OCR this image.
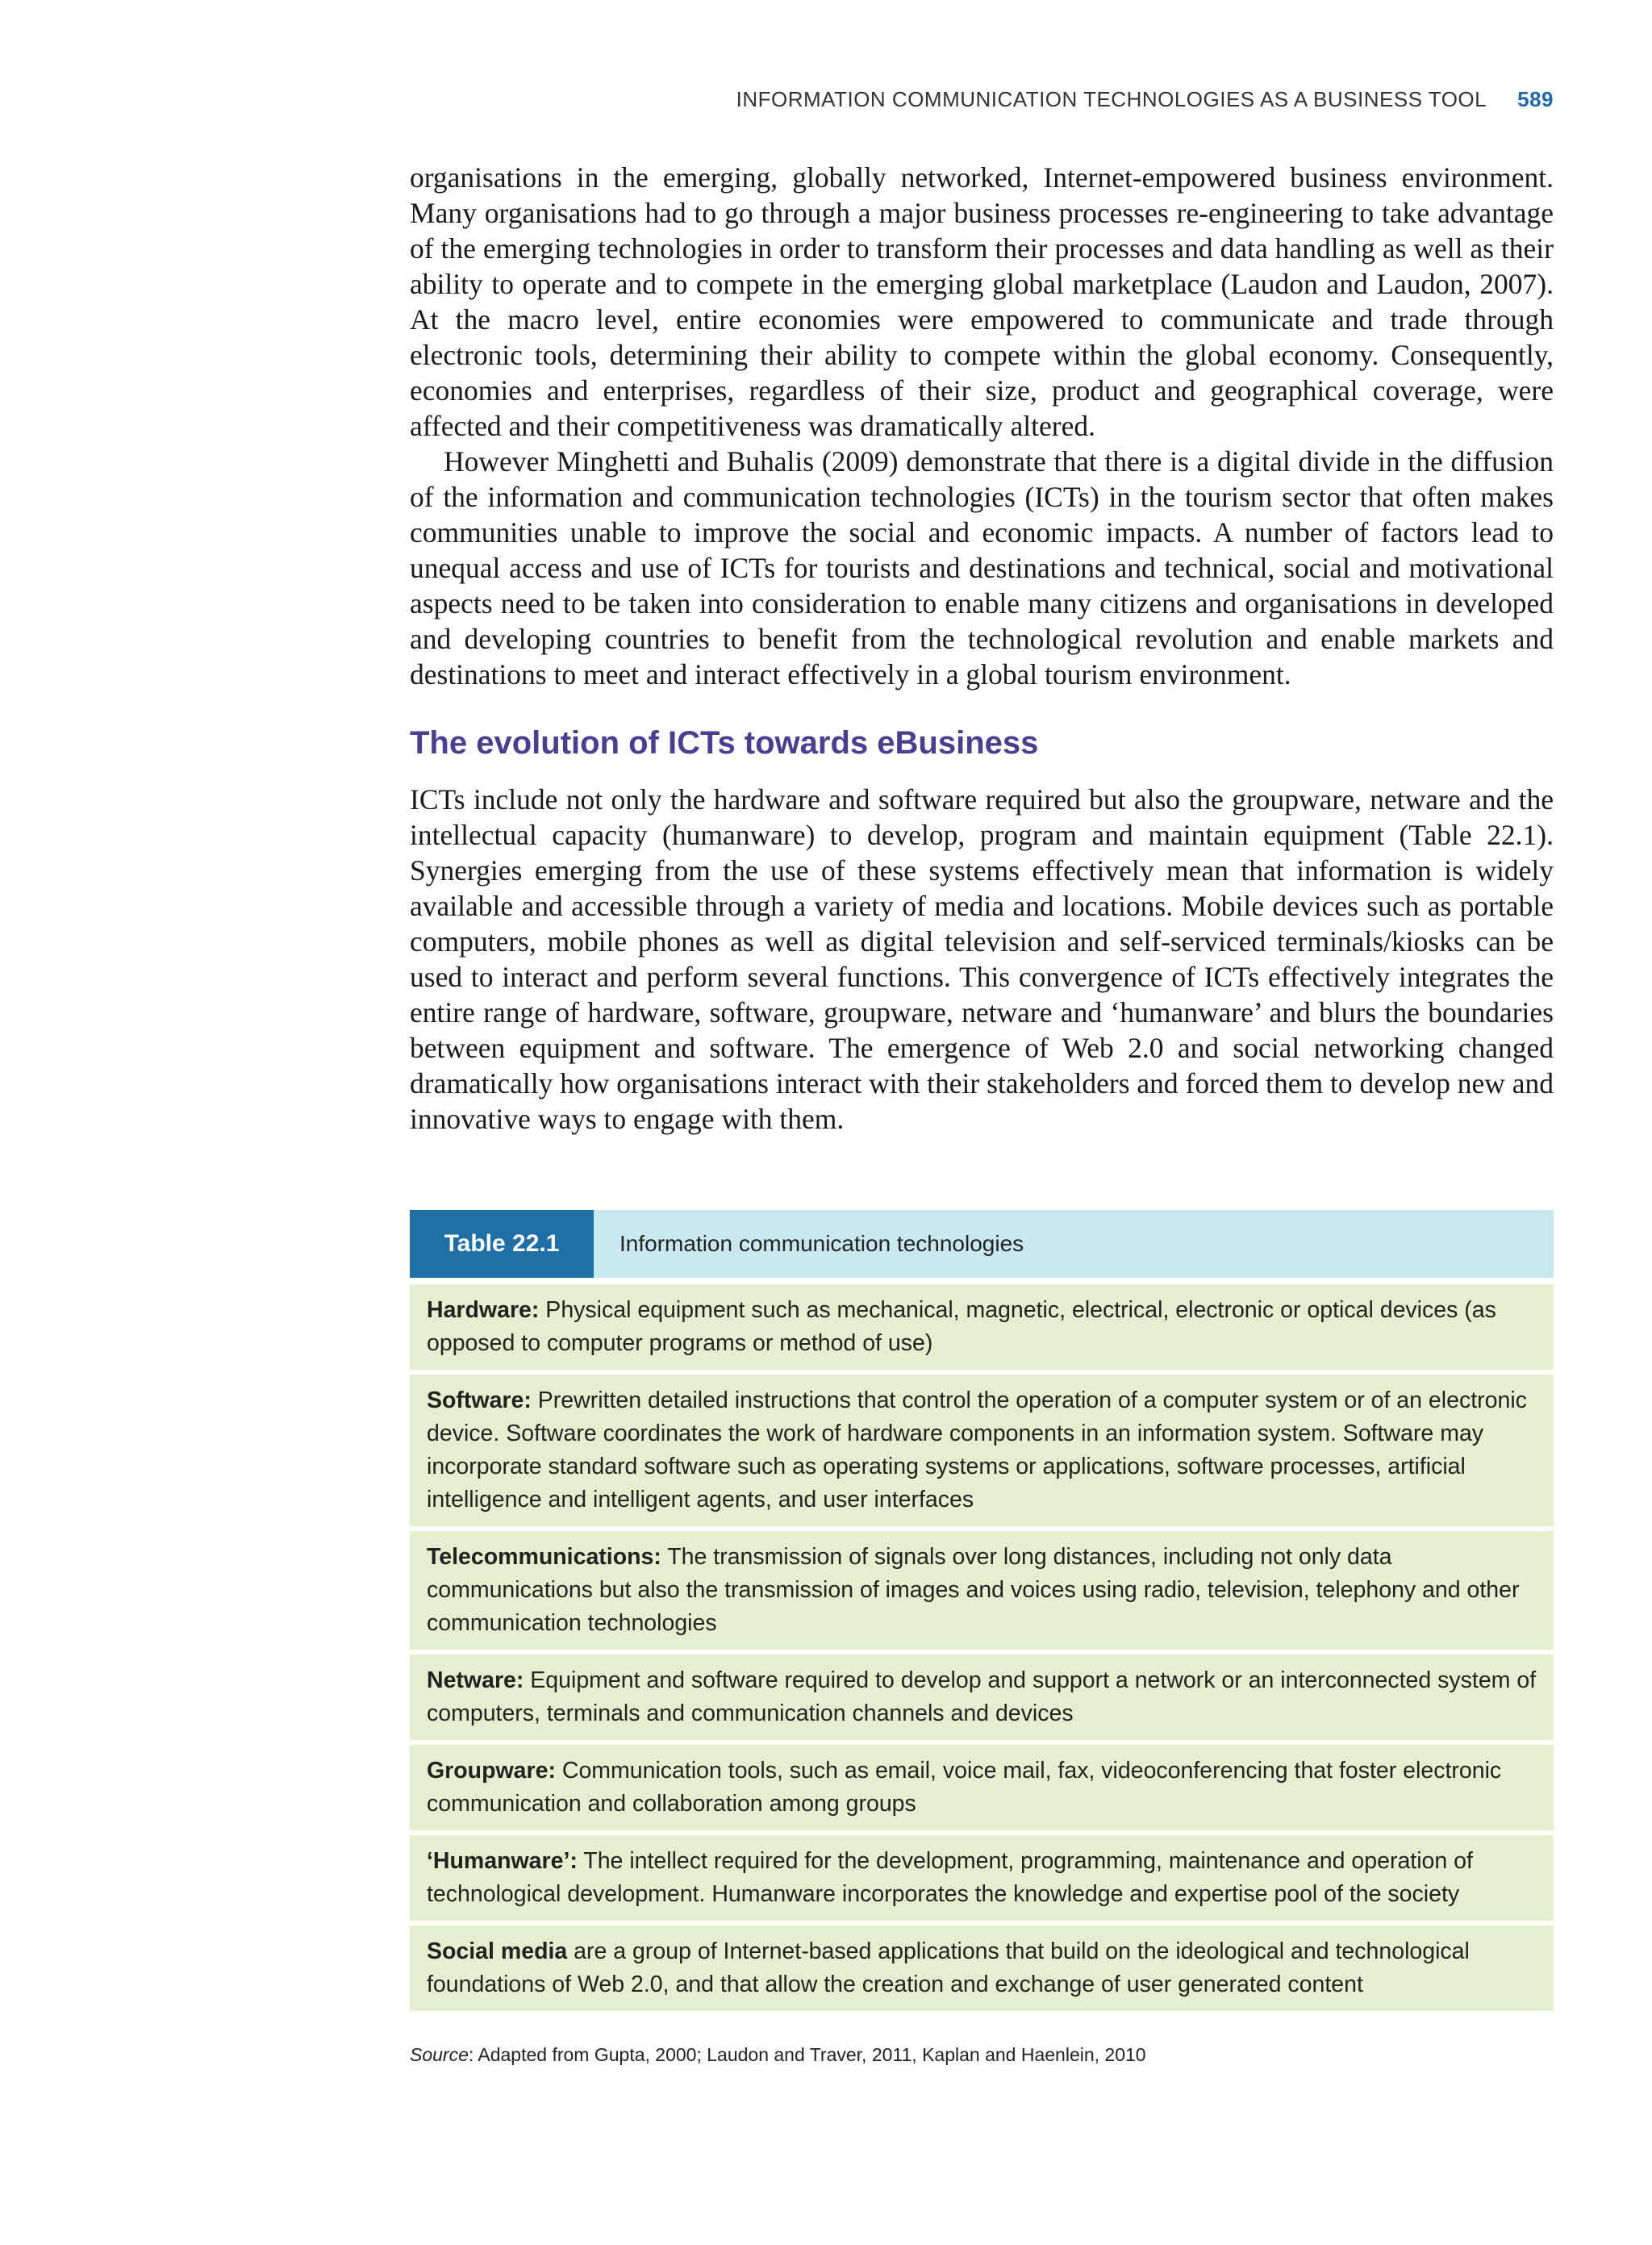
INFORMATION COMMUNICATION TECHNOLOGIES AS A BUSINESS TOOL 589

organisations in the emerging, globally networked, Internet-empowered business environment. Many organisations had to go through a major business processes re-engineering to take advantage of the emerging technologies in order to transform their processes and data handling as well as their ability to operate and to compete in the emerging global marketplace (Laudon and Laudon, 2007). At the macro level, entire economies were empowered to communicate and trade through electronic tools, determining their ability to compete within the global economy. Consequently, economies and enterprises, regardless of their size, product and geographical coverage, were affected and their competitiveness was dramatically altered.

However Minghetti and Buhalis (2009) demonstrate that there is a digital divide in the diffusion of the information and communication technologies (ICTs) in the tourism sector that often makes communities unable to improve the social and economic impacts. A number of factors lead to unequal access and use of ICTs for tourists and destinations and technical, social and motivational aspects need to be taken into consideration to enable many citizens and organisations in developed and developing countries to benefit from the technological revolution and enable markets and destinations to meet and interact effectively in a global tourism environment.

The evolution of ICTs towards eBusiness

ICTs include not only the hardware and software required but also the groupware, netware and the intellectual capacity (humanware) to develop, program and maintain equipment (Table 22.1). Synergies emerging from the use of these systems effectively mean that information is widely available and accessible through a variety of media and locations. Mobile devices such as portable computers, mobile phones as well as digital television and self-serviced terminals/kiosks can be used to interact and perform several functions. This convergence of ICTs effectively integrates the entire range of hardware, software, groupware, netware and ‘humanware’ and blurs the boundaries between equipment and software. The emergence of Web 2.0 and social networking changed dramatically how organisations interact with their stakeholders and forced them to develop new and innovative ways to engage with them.

Table 22.1	Information communication technologies
Hardware: Physical equipment such as mechanical, magnetic, electrical, electronic or optical devices (as opposed to computer programs or method of use)
Software: Prewritten detailed instructions that control the operation of a computer system or of an electronic device. Software coordinates the work of hardware components in an information system. Software may incorporate standard software such as operating systems or applications, software processes, artificial intelligence and intelligent agents, and user interfaces
Telecommunications: The transmission of signals over long distances, including not only data communications but also the transmission of images and voices using radio, television, telephony and other communication technologies
Netware: Equipment and software required to develop and support a network or an interconnected system of computers, terminals and communication channels and devices
Groupware: Communication tools, such as email, voice mail, fax, videoconferencing that foster electronic communication and collaboration among groups
‘Humanware’: The intellect required for the development, programming, maintenance and operation of technological development. Humanware incorporates the knowledge and expertise pool of the society
Social media are a group of Internet-based applications that build on the ideological and technological foundations of Web 2.0, and that allow the creation and exchange of user generated content
Source: Adapted from Gupta, 2000; Laudon and Traver, 2011, Kaplan and Haenlein, 2010
